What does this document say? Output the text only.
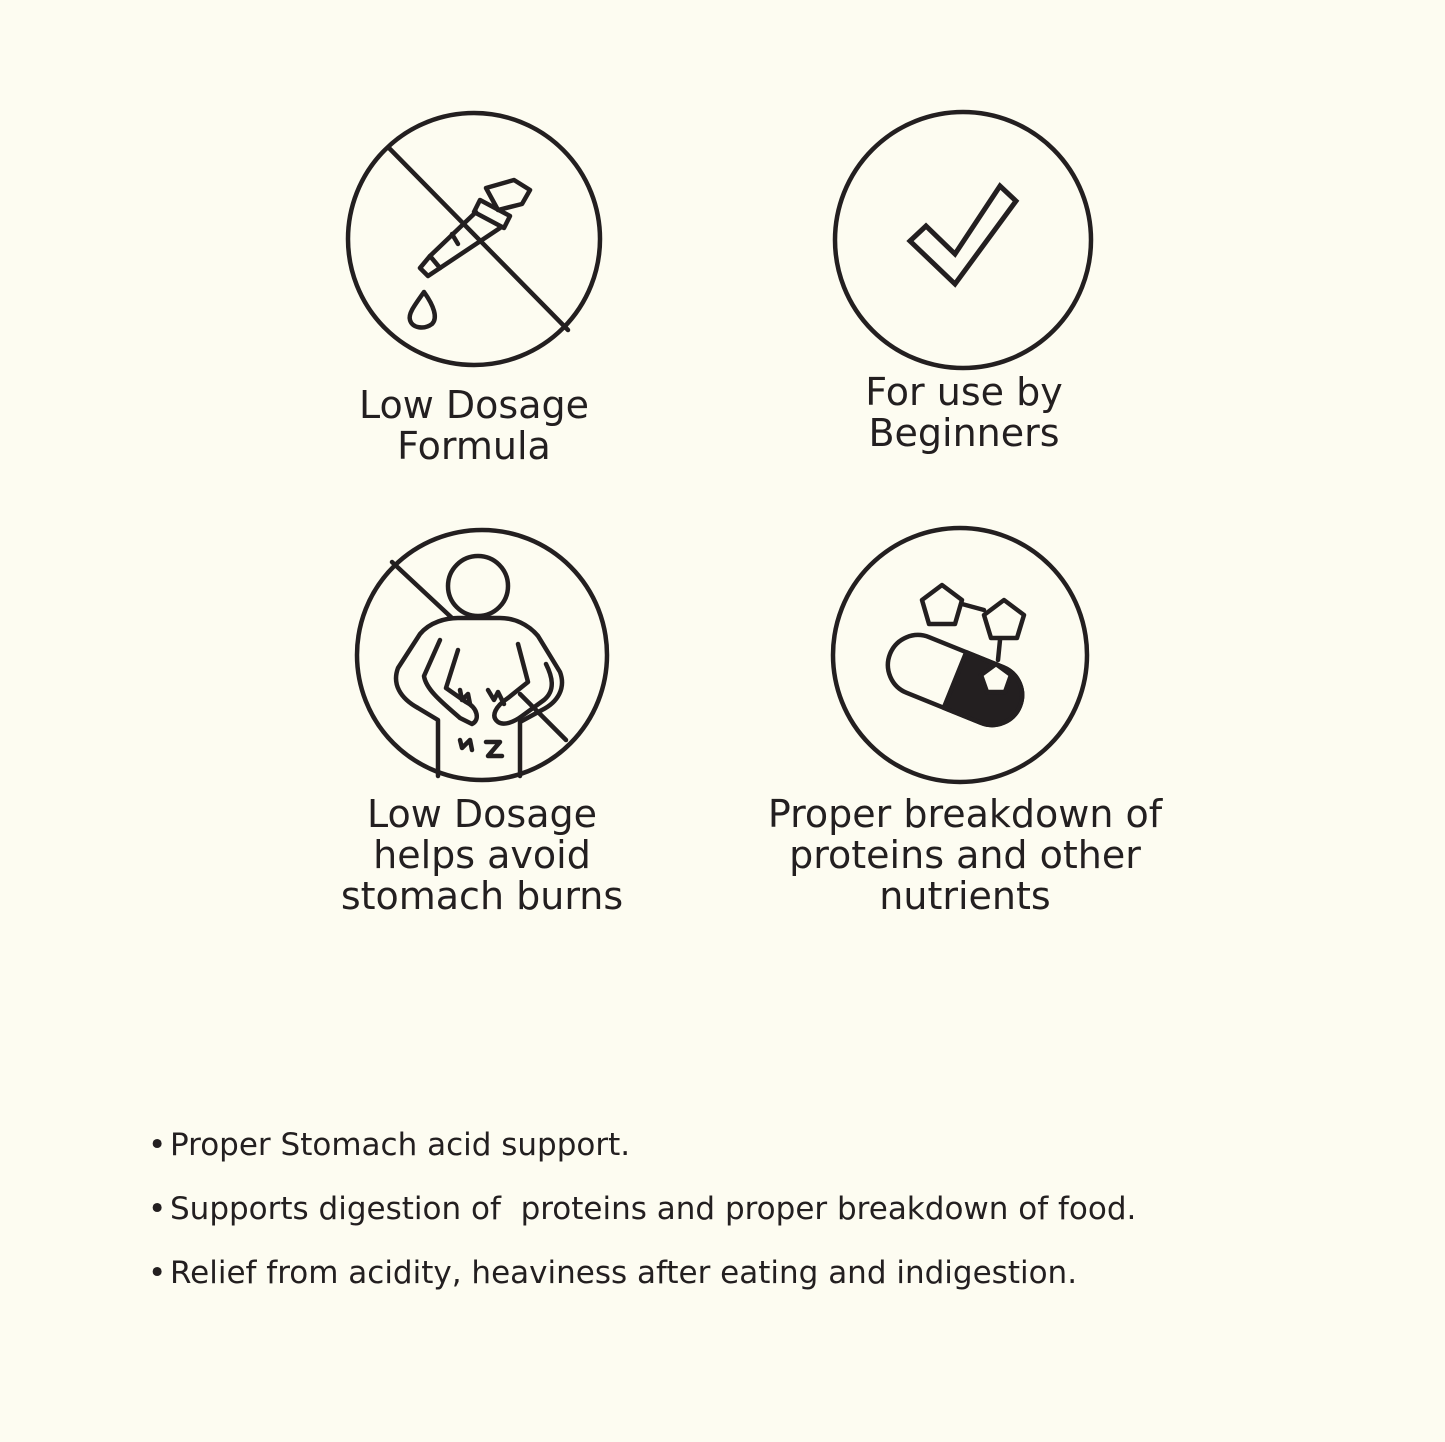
Low Dosage
Formula
For use by
Beginners
Low Dosage
helps avoid
stomach burns
Proper breakdown of
proteins and other
nutrients
• Proper Stomach acid support.
• Supports digestion of  proteins and proper breakdown of food.
• Relief from acidity, heaviness after eating and indigestion.
